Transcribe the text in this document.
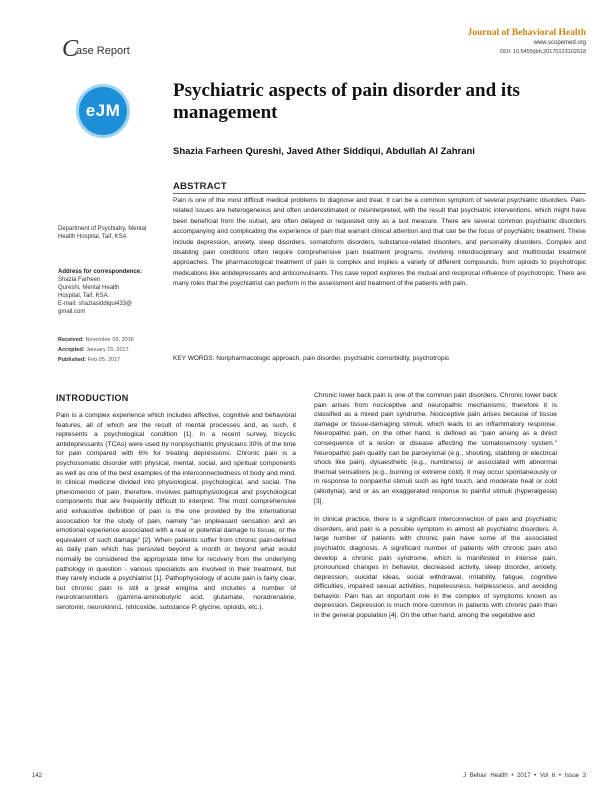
Journal of Behavioral Health
www.scopemed.org
DOI: 10.5455/jbh.20170123102618
Case Report
eJM
Psychiatric aspects of pain disorder and its management
Shazia Farheen Qureshi, Javed Ather Siddiqui, Abdullah Al Zahrani
ABSTRACT
Pain is one of the most difficult medical problems to diagnose and treat. It can be a common symptom of several psychiatric disorders. Pain-related issues are heterogeneous and often underestimated or misinterpreted, with the result that psychiatric interventions, which might have been beneficial from the outset, are often delayed or requested only as a last measure. There are several common psychiatric disorders accompanying and complicating the experience of pain that warrant clinical attention and that can be the focus of psychiatric treatment. These include depression, anxiety, sleep disorders, somatoform disorders, substance-related disorders, and personality disorders. Complex and disabling pain conditions often require comprehensive pain treatment programs, involving interdisciplinary and multimodal treatment approaches. The pharmacological treatment of pain is complex and implies a variety of different compounds, from opioids to psychotropic medications like antidepressants and anticonvulsants. This case report explores the mutual and reciprocal influence of psychotropic. There are many roles that the psychiatrist can perform in the assessment and treatment of the patients with pain.
KEY WORDS: Nonpharmacologic approach, pain disorder, psychiatric comorbidity, psychotropic
Department of Psychiatry, Mental Health Hospital, Taif, KSA
Address for correspondence:
Shazia Farheen
Qureshi, Mental Health
Hospital, Taif, KSA.
E-mail: shaziasiddiqui433@
gmail.com
Received: November 09, 2016
Accepted: January 15, 2017
Published: Feb 05, 2017
INTRODUCTION

Pain is a complex experience which includes affective, cognitive and behavioral features, all of which are the result of mental processes and, as such, it represents a psychological condition [1]. In a recent survey, tricyclic antidepressants (TCAs) were used by nonpsychiatric physicians 30% of the time for pain compared with 6% for treating depressions. Chronic pain is a psychosomatic disorder with physical, mental, social, and spiritual components as well as one of the best examples of the interconnectedness of body and mind. In clinical medicine divided into physiological, psychological, and social. The phenomenon of pain, therefore, involves pathophysiological and psychological components that are frequently difficult to interpret. The most comprehensive and exhaustive definition of pain is the one provided by the international association for the study of pain, namely "an unpleasant sensation and an emotional experience associated with a real or potential damage to tissue, or the equivalent of such damage" [2]. When patients suffer from chronic pain-defined as daily pain which has persisted beyond a month or beyond what would normally be considered the appropriate time for recovery from the underlying pathology in question - various specialists are involved in their treatment, but they rarely include a psychiatrist [1]. Pathophysiology of acute pain is fairly clear, but chronic pain is still a great enigma and includes a number of neurotransmitters (gamma-aminobutyric acid, glutamate, noradrenaline, serotonin, neurokinin1, nitricoxide, substance P, glycine, opioids, etc.).

Chronic lower back pain is one of the common pain disorders. Chronic lower back pain arises from nociceptive and neuropathic mechanisms; therefore it is classified as a mixed pain syndrome. Nociceptive pain arises because of tissue damage or tissue-damaging stimuli, which leads to an inflammatory response. Neuropathic pain, on the other hand, is defined as "pain arising as a direct consequence of a lesion or disease affecting the somatosensory system." Neuropathic pain quality can be paroxysmal (e.g., shooting, stabbing or electrical shock like pain), dysaesthetic (e.g., numbness) or associated with abnormal thermal sensations (e.g., burning or extreme cold). It may occur spontaneously or in response to nonpainful stimuli such as light touch, and moderate heat or cold (allodynia), and or as an exaggerated response to painful stimuli (hyperalgesia) [3].

In clinical practice, there is a significant interconnection of pain and psychiatric disorders, and pain is a possible symptom in almost all psychiatric disorders. A large number of patients with chronic pain have some of the associated psychiatric diagnosis. A significant number of patients with chronic pain also develop a chronic pain syndrome, which is manifested in intense pain, pronounced changes in behavior, decreased activity, sleep disorder, anxiety, depression, suicidal ideas, social withdrawal, irritability, fatigue, cognitive difficulties, impaired sexual activities, hopelessness, helplessness, and avoiding behavior. Pain has an important role in the complex of symptoms known as depression. Depression is much more common in patients with chronic pain than in the general population [4]. On the other hand, among the vegetative and

142	J Behav Health • 2017 • Vol 6 • Issue 3
